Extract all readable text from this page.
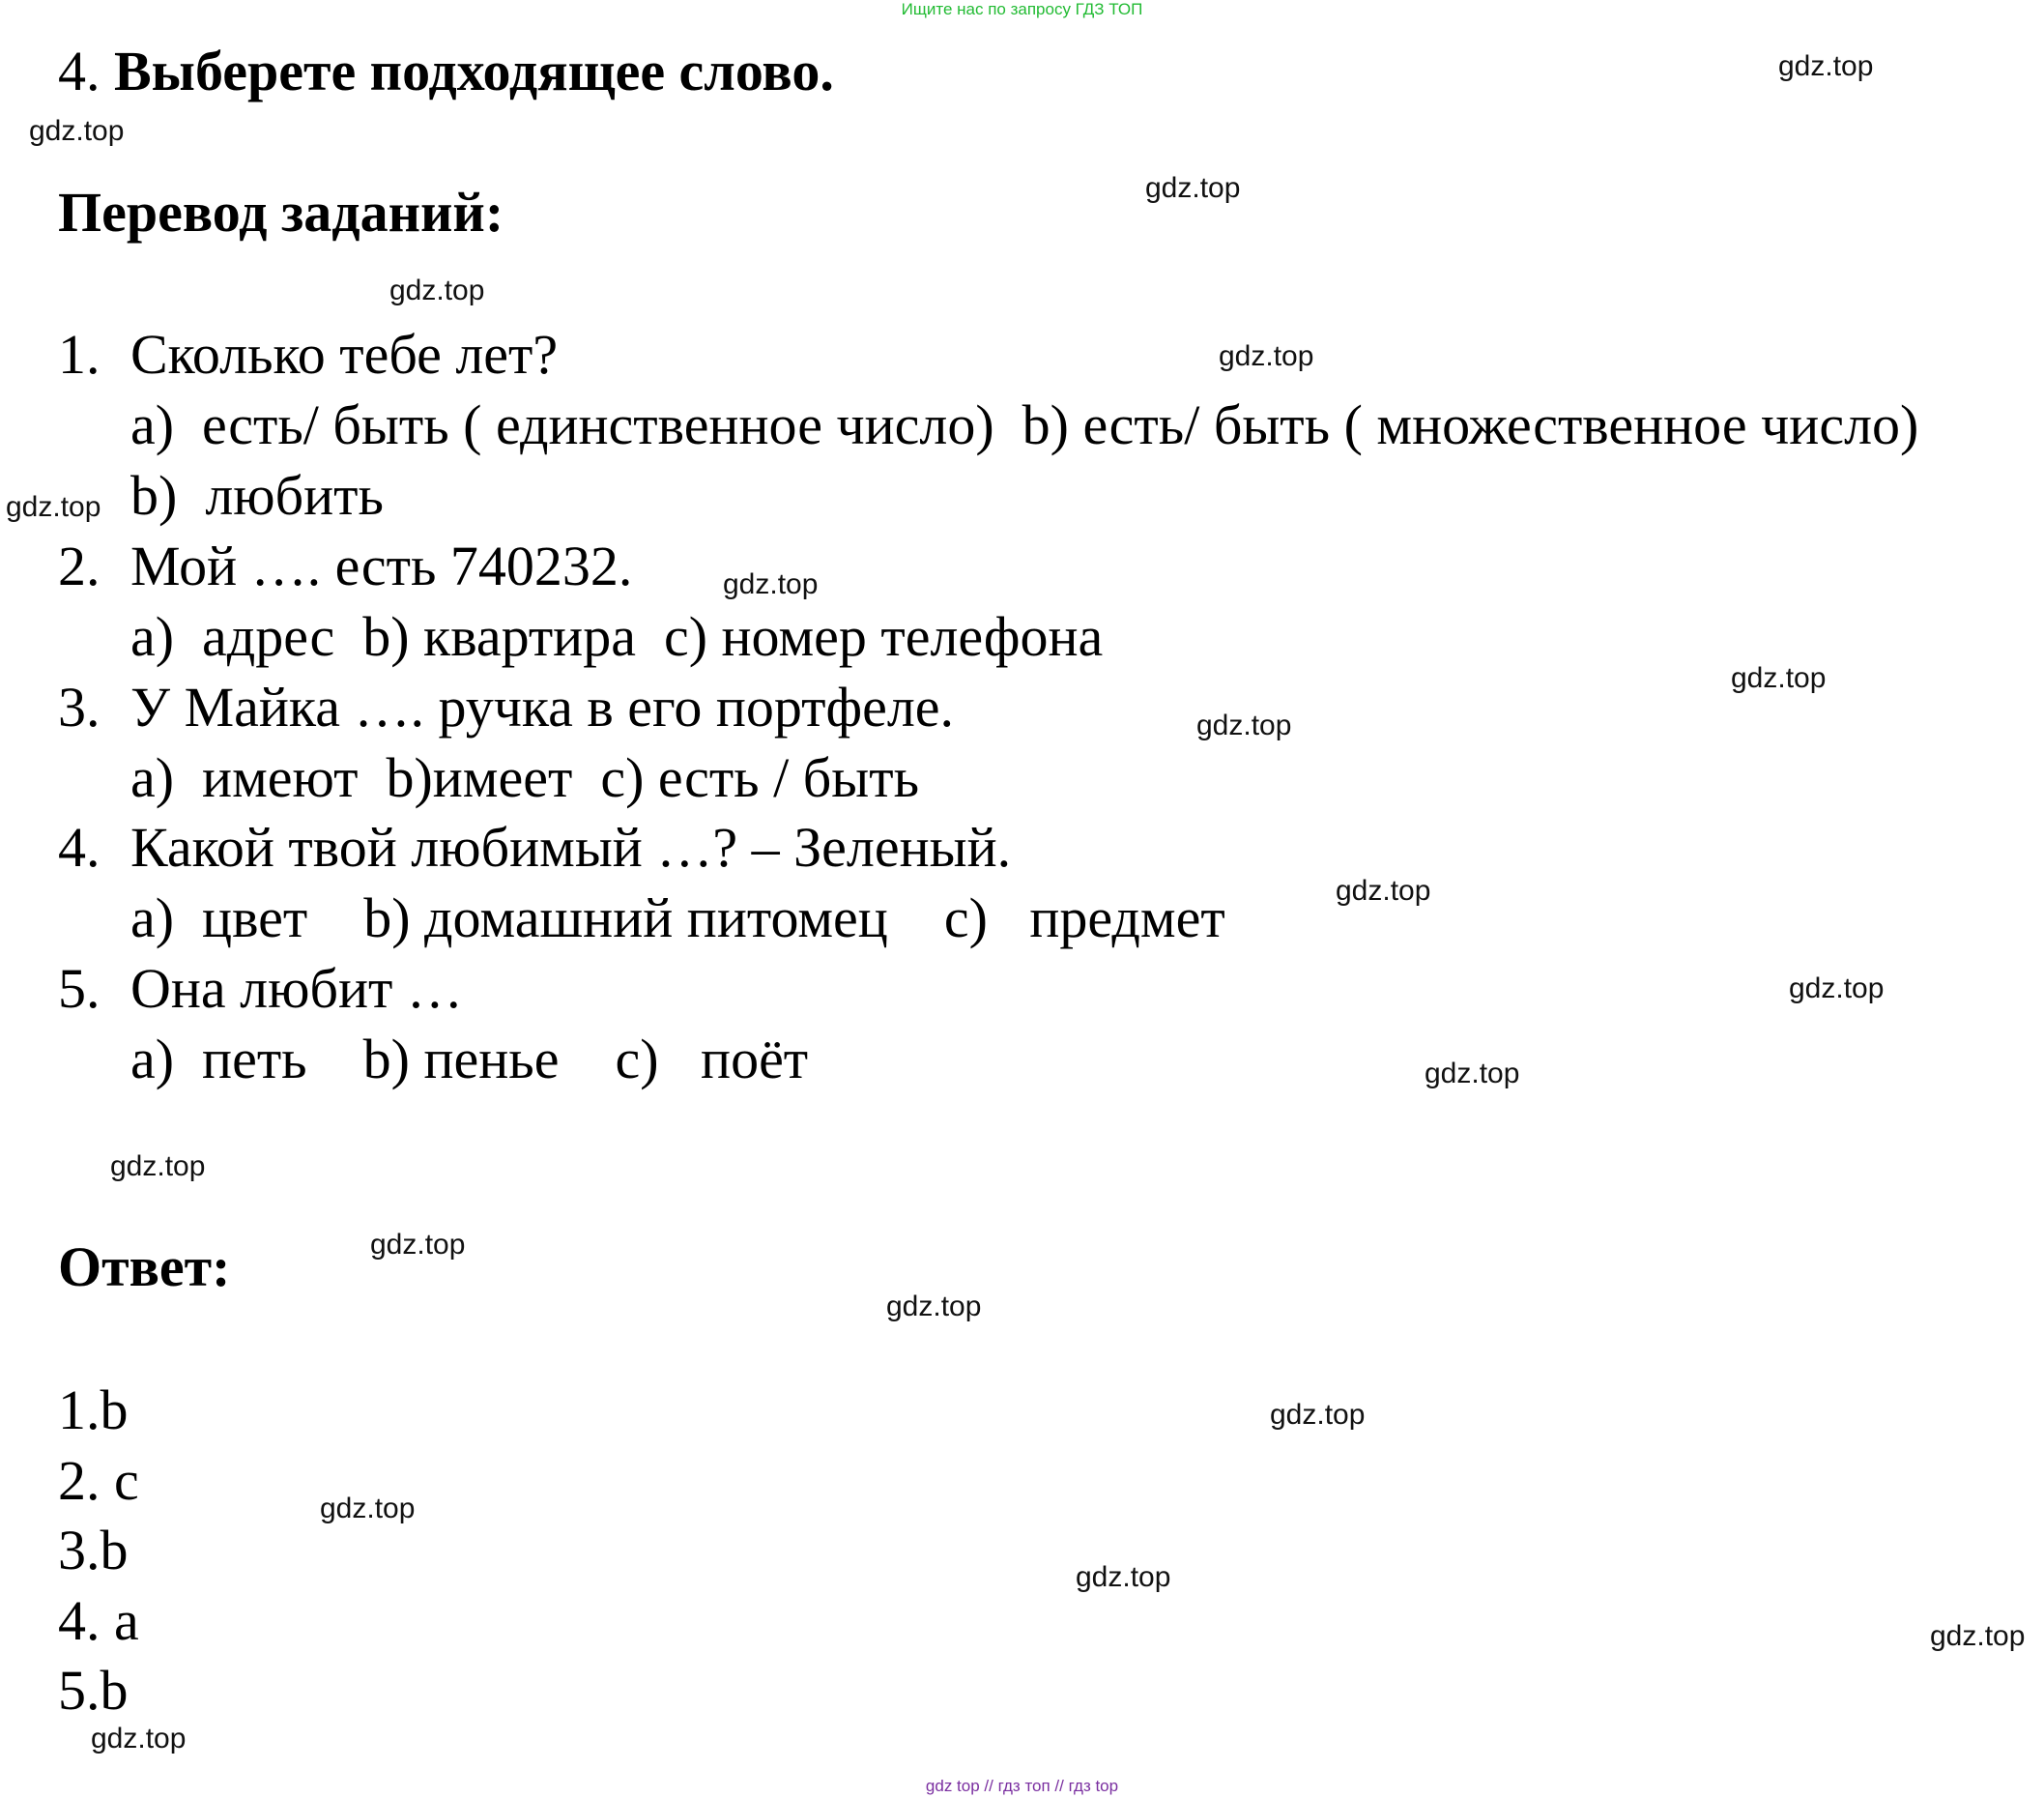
Ищите нас по запросу ГДЗ ТОП
4. Выберете подходящее слово.
Перевод заданий:
1. Сколько тебе лет?
a)  есть/ быть ( единственное число)  b) есть/ быть ( множественное число)
b)  любить
2. Мой …. есть 740232.
a)  адрес  b) квартира  c) номер телефона
3. У Майка …. ручка в его портфеле.
a)  имеют  b)имеет  c) есть / быть
4. Какой твой любимый …? – Зеленый.
a)  цвет    b) домашний питомец    c)   предмет
5. Она любит …
a)  петь    b) пенье    c)   поёт
Ответ:
1.b
2. c
3.b
4. a
5.b
gdz.top
gdz.top
gdz.top
gdz.top
gdz.top
gdz.top
gdz.top
gdz.top
gdz.top
gdz.top
gdz.top
gdz.top
gdz.top
gdz.top
gdz.top
gdz.top
gdz.top
gdz.top
gdz.top
gdz.top
gdz top // гдз топ // гдз top
